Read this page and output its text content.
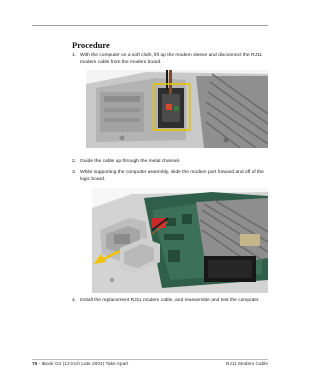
Procedure
1. With the computer on a soft cloth, lift up the modem sleeve and disconnect the RJ11 modem cable from the modem board.
2. Guide the cable up through the metal channel.
3. While supporting the computer assembly, slide the modem port forward and off of the logic board.
4. Install the replacement RJ11 modem cable, and reassemble and test the computer.
75 - iBook G4 (12-inch Late 2004) Take Apart	RJ11 Modem Cable
